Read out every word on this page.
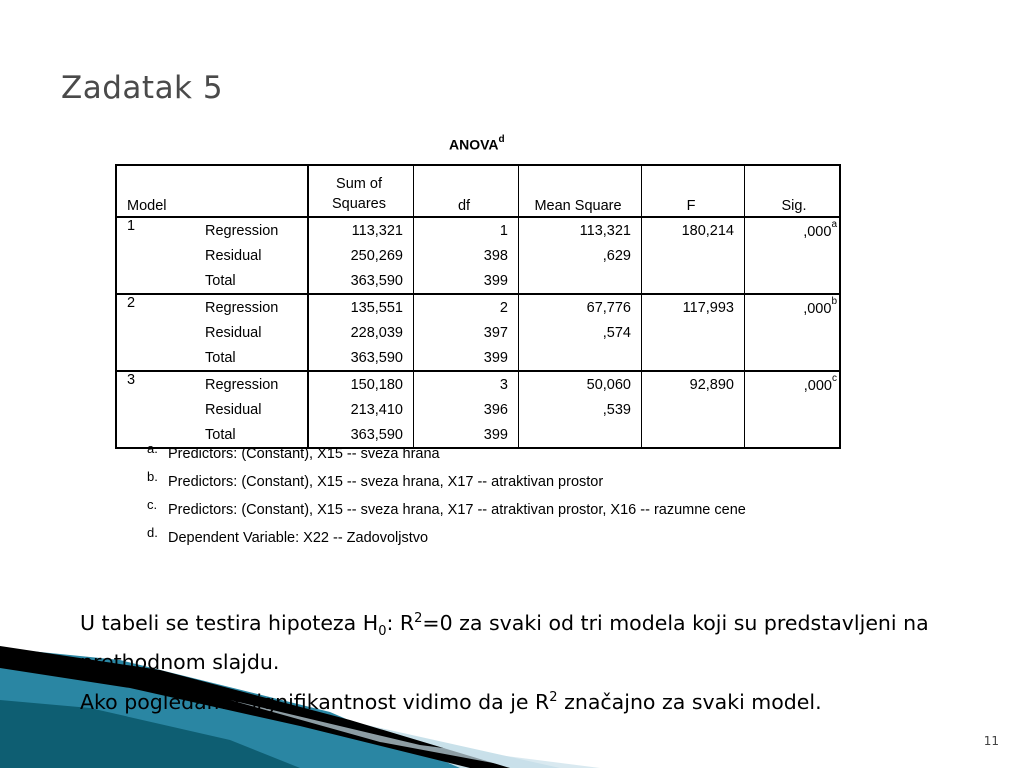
Zadatak 5
ANOVA$^d$
Model		Sum of
Squares	df	Mean Square	F	Sig.
1	Regression	113,321	1	113,321	180,214	,000$^a$
	Residual	250,269	398	,629		
	Total	363,590	399			
2	Regression	135,551	2	67,776	117,993	,000$^b$
	Residual	228,039	397	,574		
	Total	363,590	399			
3	Regression	150,180	3	50,060	92,890	,000$^c$
	Residual	213,410	396	,539		
	Total	363,590	399			
a. Predictors: (Constant), X15 -- sveza hrana
b. Predictors: (Constant), X15 -- sveza hrana, X17 -- atraktivan prostor
c. Predictors: (Constant), X15 -- sveza hrana, X17 -- atraktivan prostor, X16 -- razumne cene
d. Dependent Variable: X22 -- Zadovoljstvo

U tabeli se testira hipoteza $H_0$: $R^2=0$ za svaki od tri modela koji su predstavljeni na prethodnom slajdu.

Ako pogledamo signifikantnost vidimo da je $R^2$ značajno za svaki model.

11
